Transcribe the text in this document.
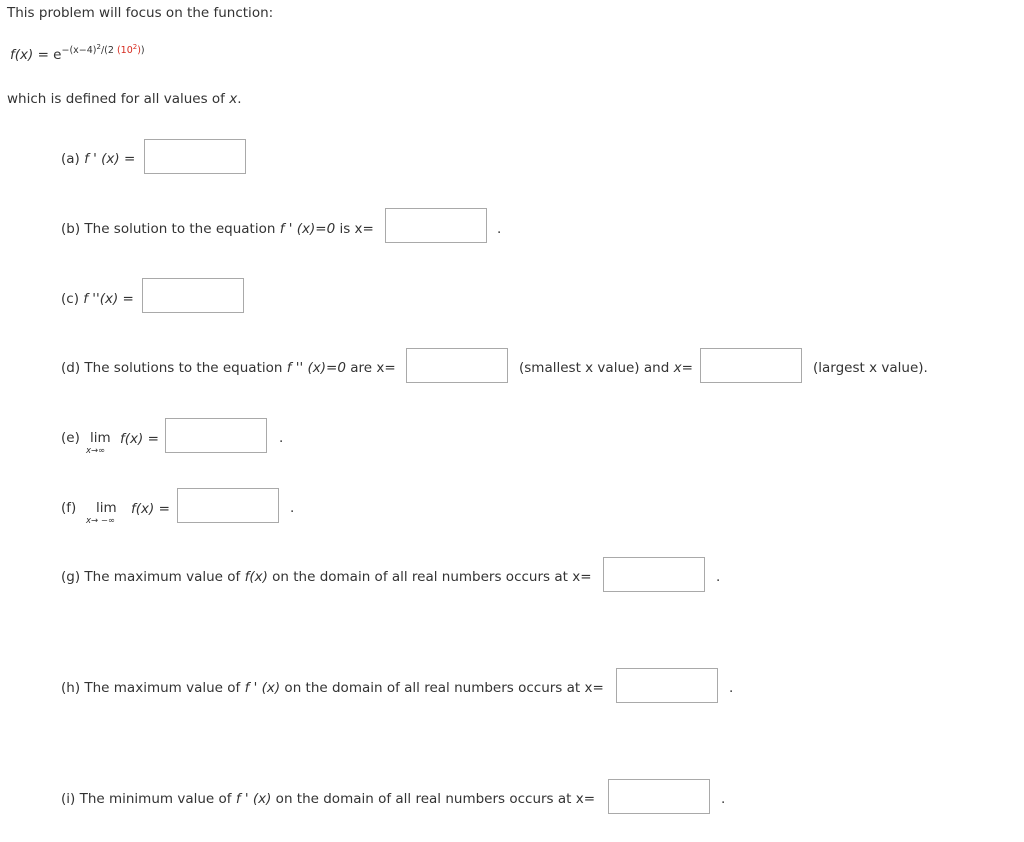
This problem will focus on the function:
$f(x) = e^{-(x-4)^2/(2 (10^2))}$
which is defined for all values of x.
(a) f ' (x) =
(b) The solution to the equation f ' (x)=0 is x=	.
(c) f ''(x) =
(d) The solutions to the equation f '' (x)=0 are x=	(smallest x value) and x=	(largest x value).
(e) lim
x→∞
f(x) =	.
(f) lim
x→ −∞
f(x) =	.
(g) The maximum value of f(x) on the domain of all real numbers occurs at x=	.
(h) The maximum value of f ' (x) on the domain of all real numbers occurs at x=	.
(i) The minimum value of f ' (x) on the domain of all real numbers occurs at x=	.
